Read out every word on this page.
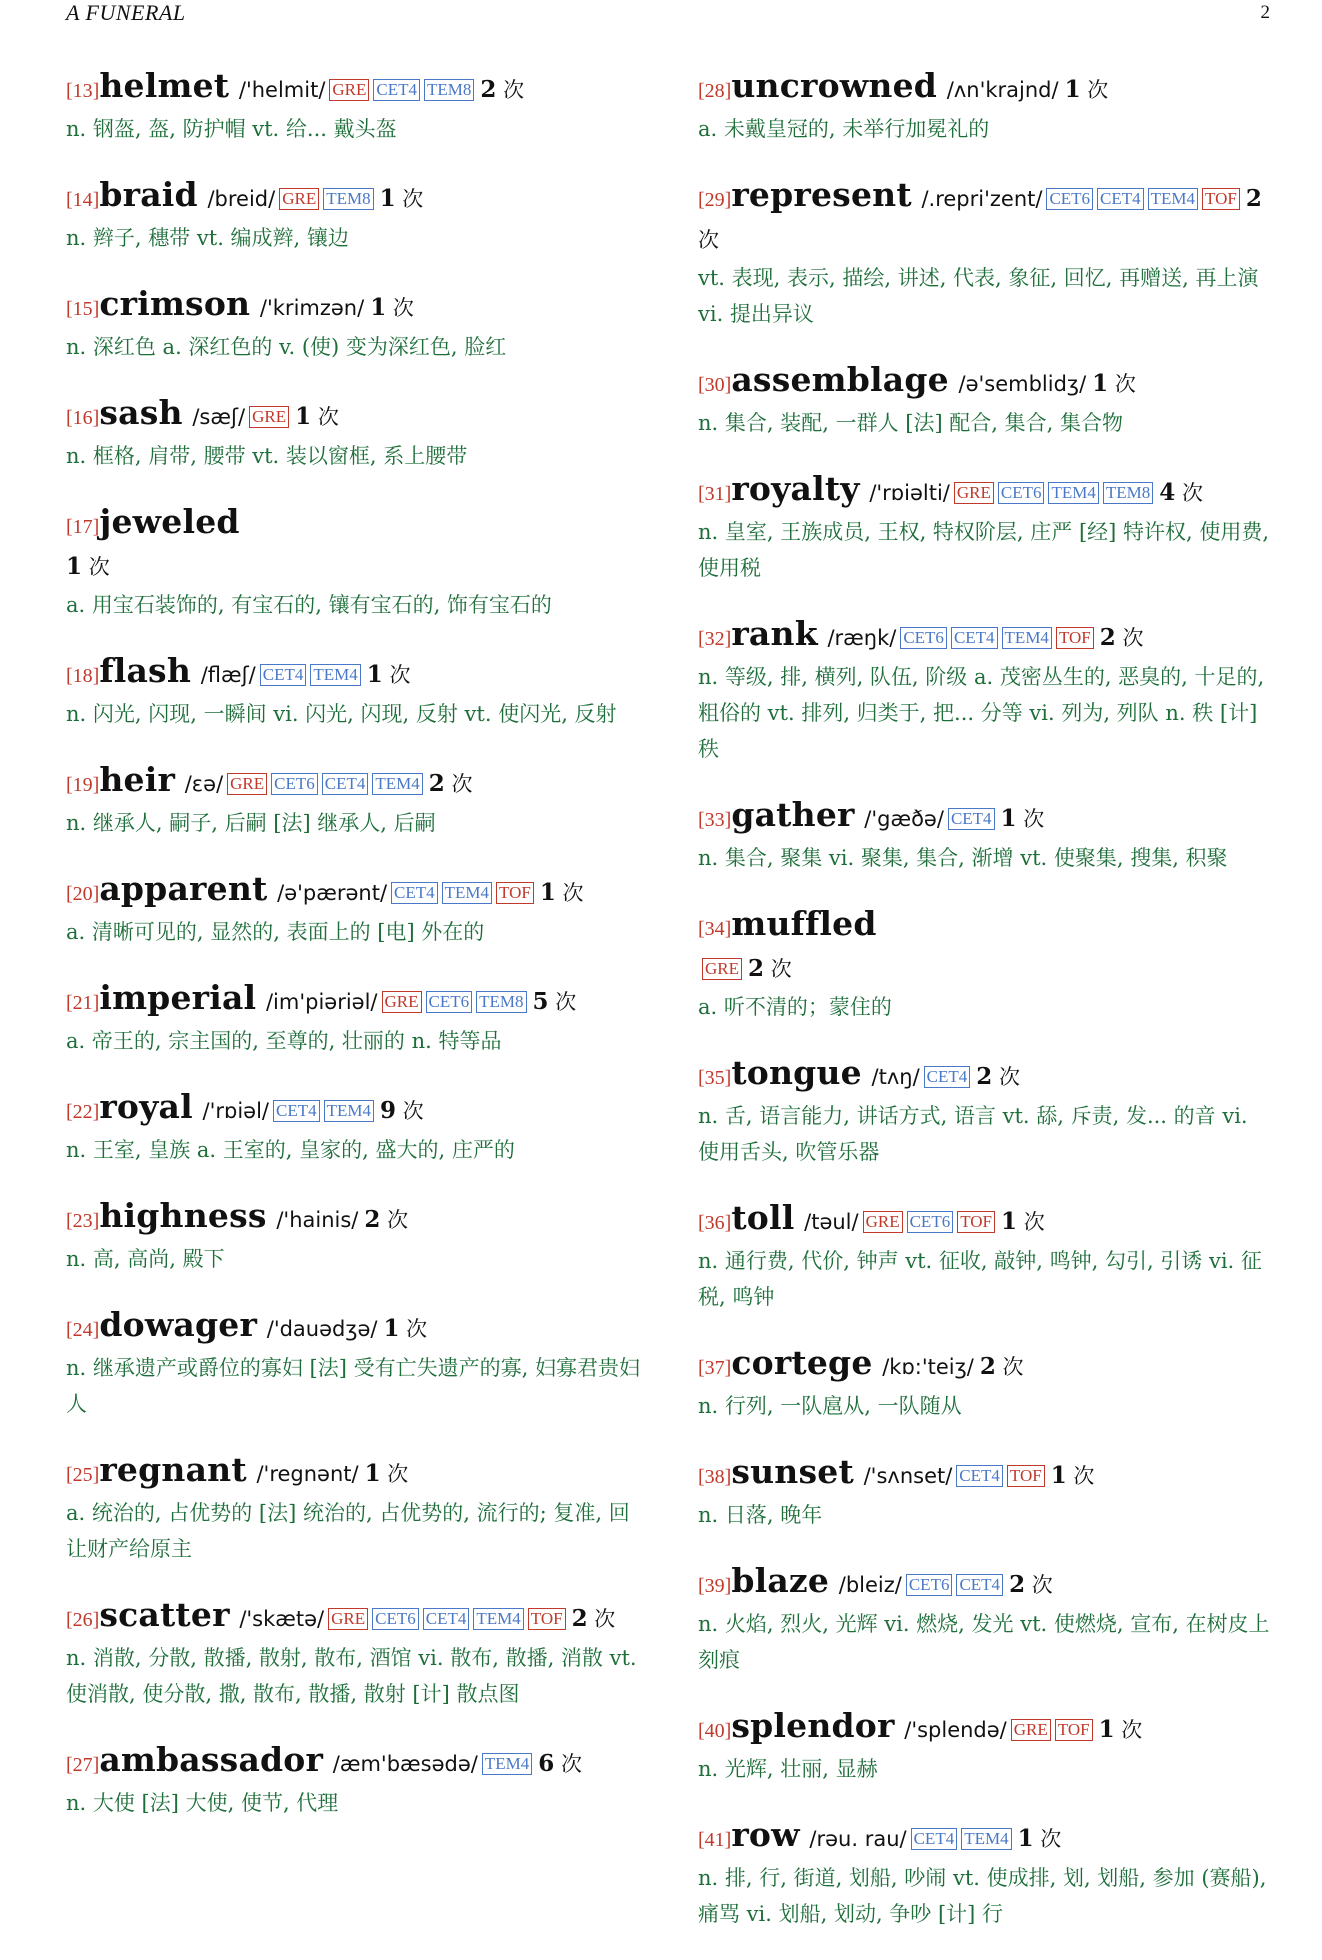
A FUNERAL	2
[13]helmet /'helmit/ GRE CET4 TEM8 2 次
n. 钢盔, 盔, 防护帽 vt. 给... 戴头盔
[14]braid /breid/ GRE TEM8 1 次
n. 辫子, 穗带 vt. 编成辫, 镶边
[15]crimson /'krimzən/ 1 次
n. 深红色 a. 深红色的 v. (使) 变为深红色, 脸红
[16]sash /sæʃ/ GRE 1 次
n. 框格, 肩带, 腰带 vt. 装以窗框, 系上腰带
[17]jeweled
1 次
a. 用宝石装饰的, 有宝石的, 镶有宝石的, 饰有宝石的
[18]flash /flæʃ/ CET4 TEM4 1 次
n. 闪光, 闪现, 一瞬间 vi. 闪光, 闪现, 反射 vt. 使闪光, 反射
[19]heir /εə/ GRE CET6 CET4 TEM4 2 次
n. 继承人, 嗣子, 后嗣 [法] 继承人, 后嗣
[20]apparent /ə'pærənt/ CET4 TEM4 TOF 1 次
a. 清晰可见的, 显然的, 表面上的 [电] 外在的
[21]imperial /im'piəriəl/ GRE CET6 TEM8 5 次
a. 帝王的, 宗主国的, 至尊的, 壮丽的 n. 特等品
[22]royal /'rɒiəl/ CET4 TEM4 9 次
n. 王室, 皇族 a. 王室的, 皇家的, 盛大的, 庄严的
[23]highness /'hainis/ 2 次
n. 高, 高尚, 殿下
[24]dowager /'dauədʒə/ 1 次
n. 继承遗产或爵位的寡妇 [法] 受有亡失遗产的寡, 妇寡君贵妇人
[25]regnant /'regnənt/ 1 次
a. 统治的, 占优势的 [法] 统治的, 占优势的, 流行的; 复准, 回让财产给原主
[26]scatter /'skætə/ GRE CET6 CET4 TEM4 TOF 2 次
n. 消散, 分散, 散播, 散射, 散布, 酒馆 vi. 散布, 散播, 消散 vt. 使消散, 使分散, 撒, 散布, 散播, 散射 [计] 散点图
[27]ambassador /æm'bæsədə/ TEM4 6 次
n. 大使 [法] 大使, 使节, 代理
[28]uncrowned /ʌn'krajnd/ 1 次
a. 未戴皇冠的, 未举行加冕礼的
[29]represent /.repri'zent/ CET6 CET4 TEM4 TOF 2 次
vt. 表现, 表示, 描绘, 讲述, 代表, 象征, 回忆, 再赠送, 再上演 vi. 提出异议
[30]assemblage /ə'semblidʒ/ 1 次
n. 集合, 装配, 一群人 [法] 配合, 集合, 集合物
[31]royalty /'rɒiəlti/ GRE CET6 TEM4 TEM8 4 次
n. 皇室, 王族成员, 王权, 特权阶层, 庄严 [经] 特许权, 使用费, 使用税
[32]rank /ræŋk/ CET6 CET4 TEM4 TOF 2 次
n. 等级, 排, 横列, 队伍, 阶级 a. 茂密丛生的, 恶臭的, 十足的, 粗俗的 vt. 排列, 归类于, 把... 分等 vi. 列为, 列队 n. 秩 [计] 秩
[33]gather /'gæðə/ CET4 1 次
n. 集合, 聚集 vi. 聚集, 集合, 渐增 vt. 使聚集, 搜集, 积聚
[34]muffled
GRE 2 次
a. 听不清的；蒙住的
[35]tongue /tʌŋ/ CET4 2 次
n. 舌, 语言能力, 讲话方式, 语言 vt. 舔, 斥责, 发... 的音 vi. 使用舌头, 吹管乐器
[36]toll /təul/ GRE CET6 TOF 1 次
n. 通行费, 代价, 钟声 vt. 征收, 敲钟, 鸣钟, 勾引, 引诱 vi. 征税, 鸣钟
[37]cortege /kɒ:'teiʒ/ 2 次
n. 行列, 一队扈从, 一队随从
[38]sunset /'sʌnset/ CET4 TOF 1 次
n. 日落, 晚年
[39]blaze /bleiz/ CET6 CET4 2 次
n. 火焰, 烈火, 光辉 vi. 燃烧, 发光 vt. 使燃烧, 宣布, 在树皮上刻痕
[40]splendor /'splendə/ GRE TOF 1 次
n. 光辉, 壮丽, 显赫
[41]row /rəu. rau/ CET4 TEM4 1 次
n. 排, 行, 街道, 划船, 吵闹 vt. 使成排, 划, 划船, 参加 (赛船), 痛骂 vi. 划船, 划动, 争吵 [计] 行
